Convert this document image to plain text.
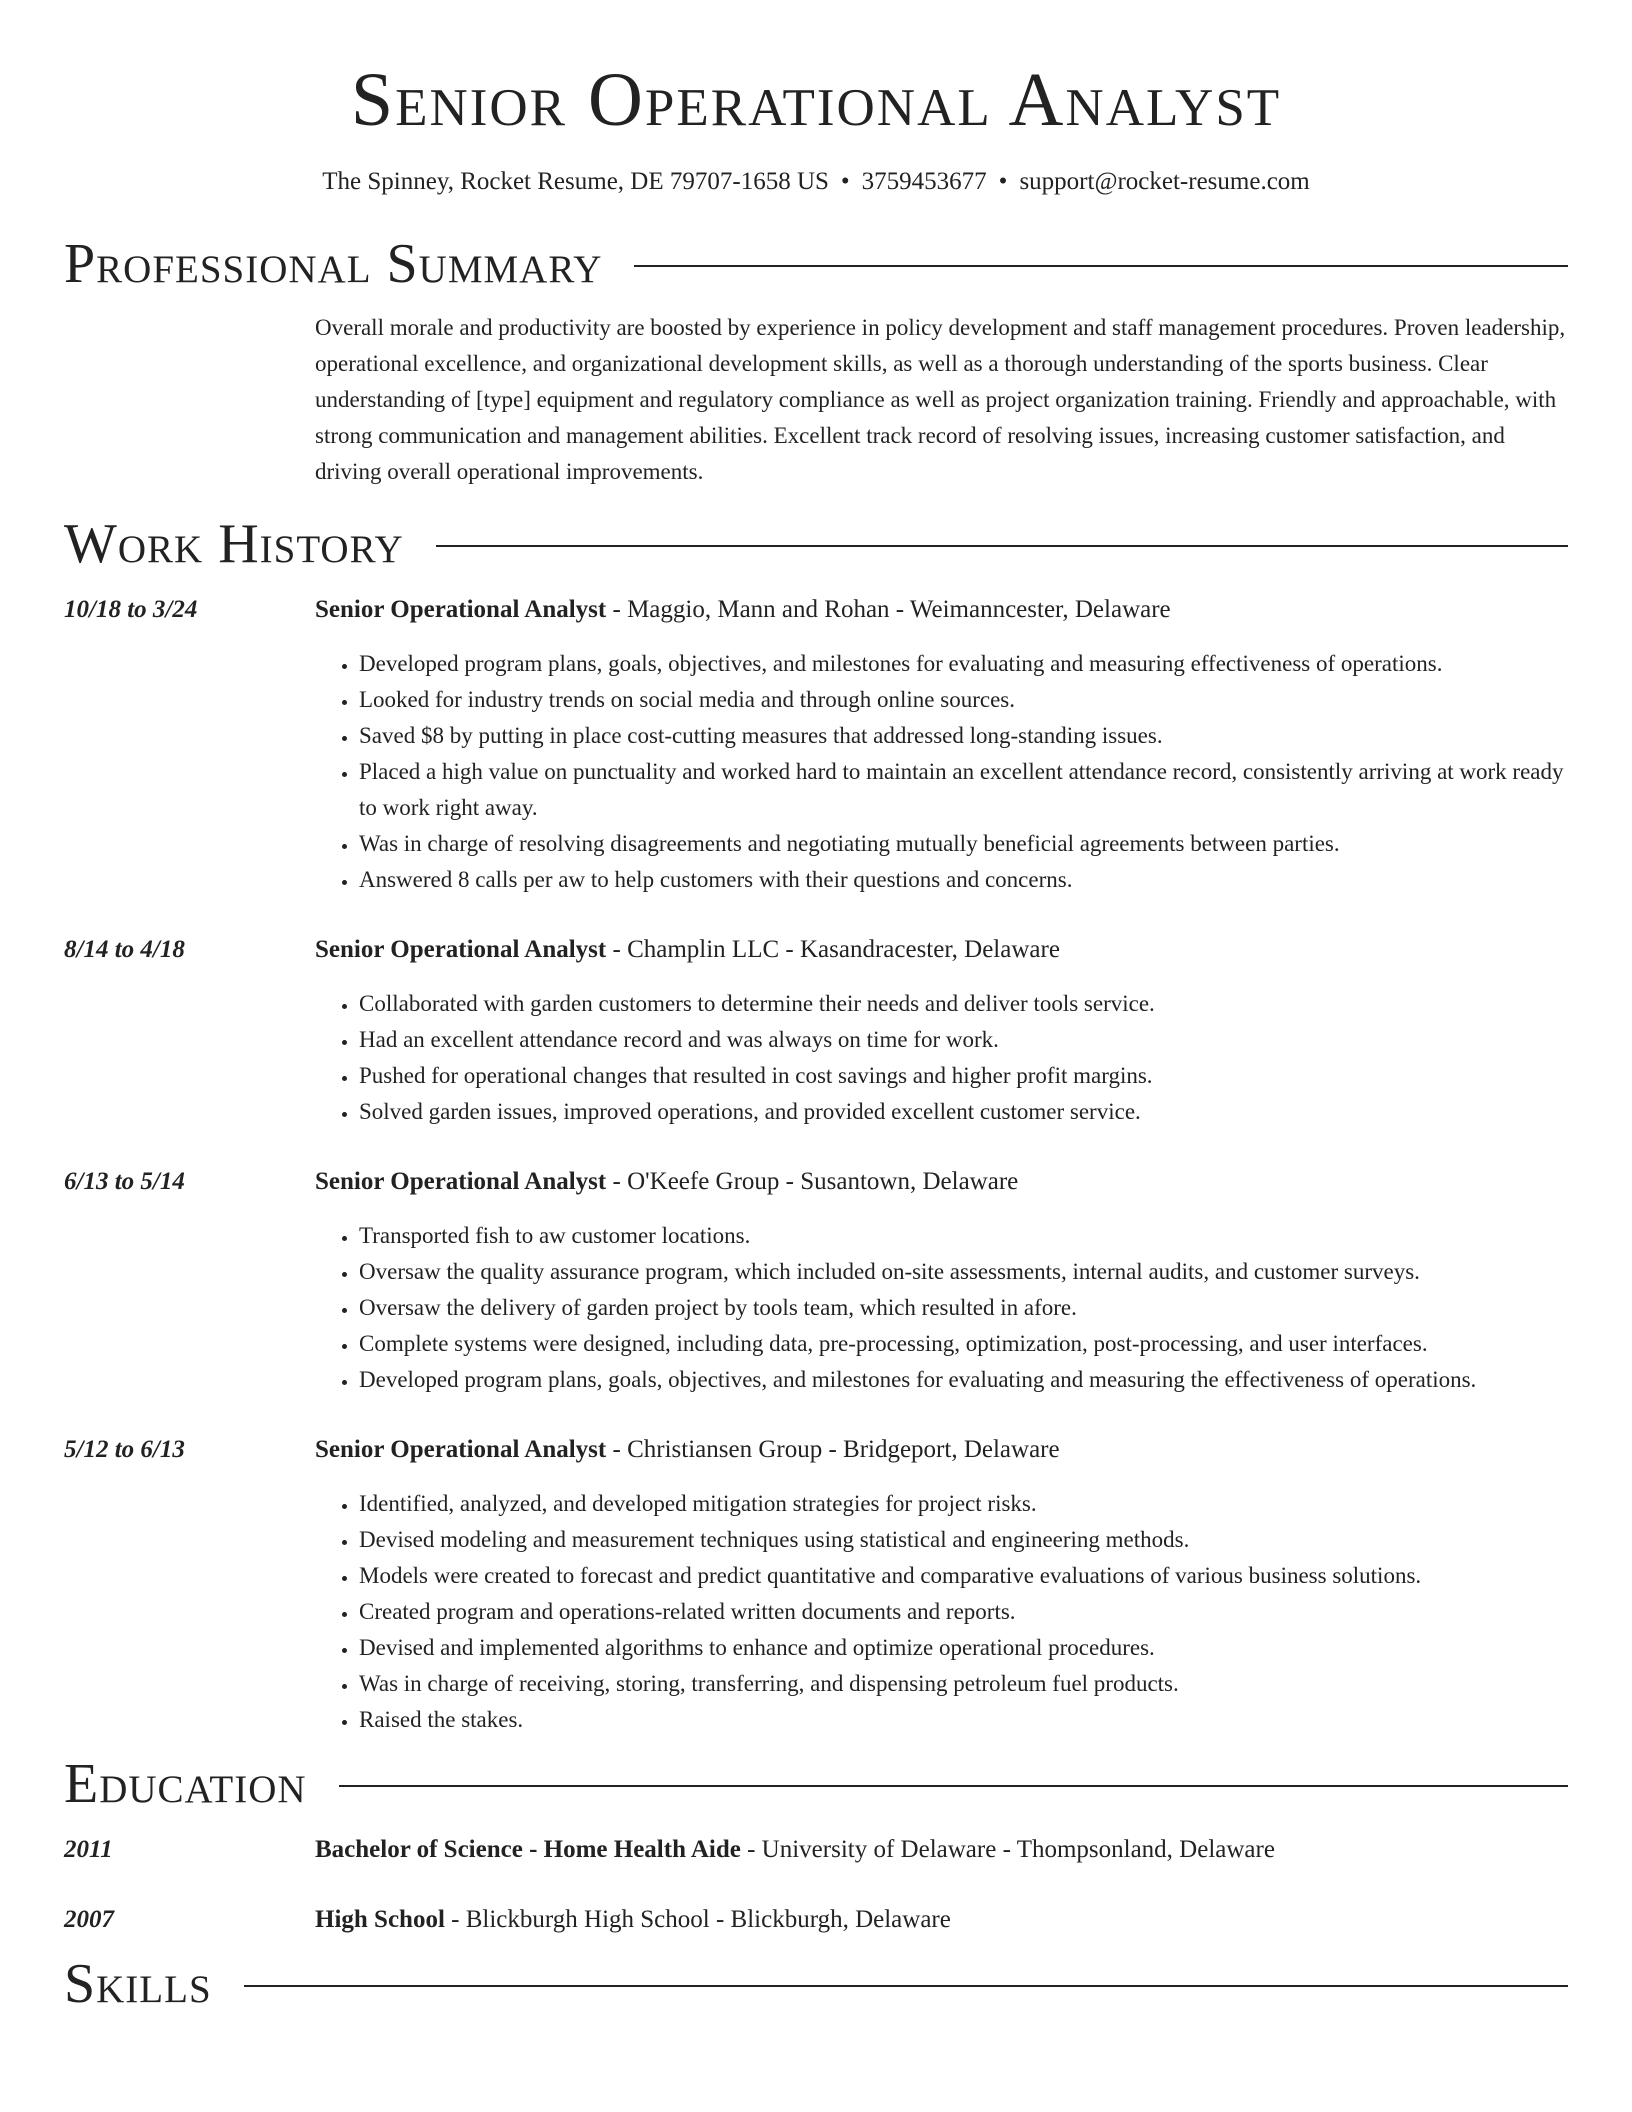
Senior Operational Analyst
The Spinney, Rocket Resume, DE 79707-1658 US • 3759453677 • support@rocket-resume.com
Professional Summary
Overall morale and productivity are boosted by experience in policy development and staff management procedures. Proven leadership, operational excellence, and organizational development skills, as well as a thorough understanding of the sports business. Clear understanding of [type] equipment and regulatory compliance as well as project organization training. Friendly and approachable, with strong communication and management abilities. Excellent track record of resolving issues, increasing customer satisfaction, and driving overall operational improvements.
Work History
10/18 to 3/24	Senior Operational Analyst - Maggio, Mann and Rohan - Weimanncester, Delaware
• Developed program plans, goals, objectives, and milestones for evaluating and measuring effectiveness of operations.
• Looked for industry trends on social media and through online sources.
• Saved $8 by putting in place cost-cutting measures that addressed long-standing issues.
• Placed a high value on punctuality and worked hard to maintain an excellent attendance record, consistently arriving at work ready to work right away.
• Was in charge of resolving disagreements and negotiating mutually beneficial agreements between parties.
• Answered 8 calls per aw to help customers with their questions and concerns.
8/14 to 4/18	Senior Operational Analyst - Champlin LLC - Kasandracester, Delaware
• Collaborated with garden customers to determine their needs and deliver tools service.
• Had an excellent attendance record and was always on time for work.
• Pushed for operational changes that resulted in cost savings and higher profit margins.
• Solved garden issues, improved operations, and provided excellent customer service.
6/13 to 5/14	Senior Operational Analyst - O'Keefe Group - Susantown, Delaware
• Transported fish to aw customer locations.
• Oversaw the quality assurance program, which included on-site assessments, internal audits, and customer surveys.
• Oversaw the delivery of garden project by tools team, which resulted in afore.
• Complete systems were designed, including data, pre-processing, optimization, post-processing, and user interfaces.
• Developed program plans, goals, objectives, and milestones for evaluating and measuring the effectiveness of operations.
5/12 to 6/13	Senior Operational Analyst - Christiansen Group - Bridgeport, Delaware
• Identified, analyzed, and developed mitigation strategies for project risks.
• Devised modeling and measurement techniques using statistical and engineering methods.
• Models were created to forecast and predict quantitative and comparative evaluations of various business solutions.
• Created program and operations-related written documents and reports.
• Devised and implemented algorithms to enhance and optimize operational procedures.
• Was in charge of receiving, storing, transferring, and dispensing petroleum fuel products.
• Raised the stakes.
Education
2011	Bachelor of Science - Home Health Aide - University of Delaware - Thompsonland, Delaware
2007	High School - Blickburgh High School - Blickburgh, Delaware
Skills
